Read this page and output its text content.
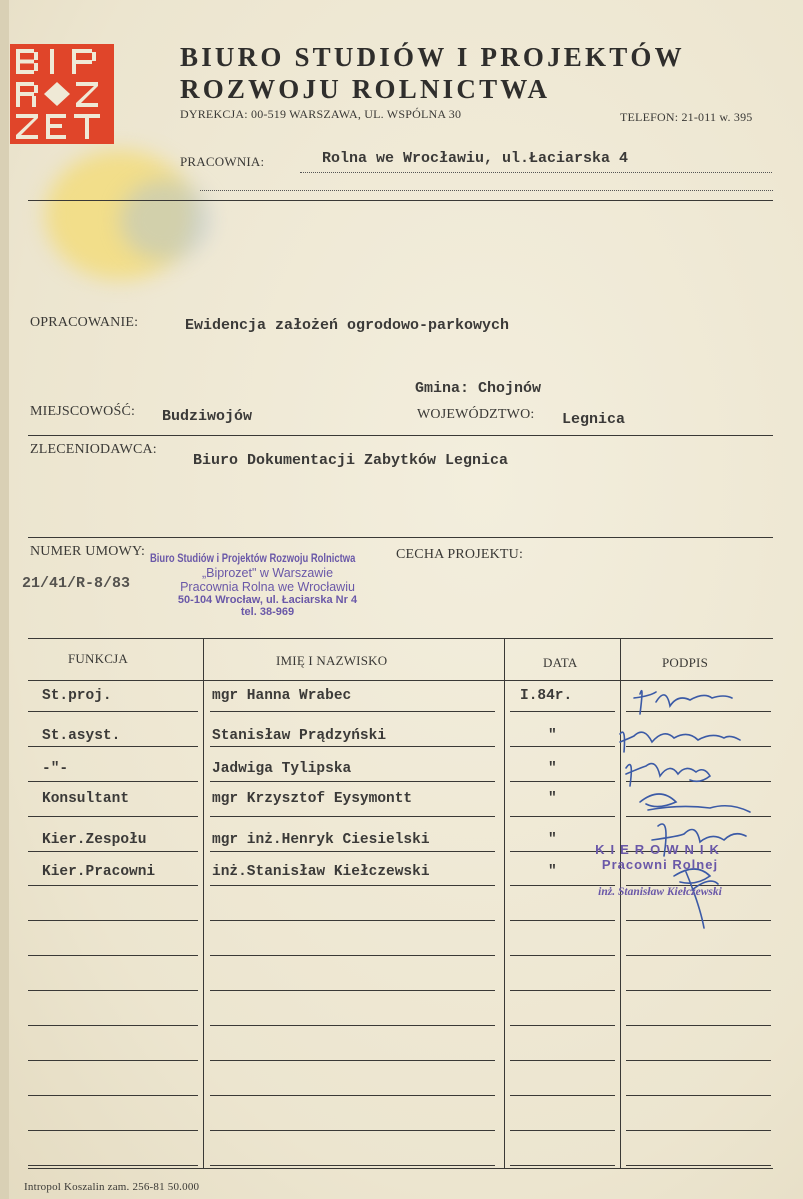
BIURO STUDIÓW I PROJEKTÓW
ROZWOJU ROLNICTWA
DYREKCJA: 00-519 WARSZAWA, UL. WSPÓLNA 30	TELEFON: 21-011 w. 395
PRACOWNIA:	Rolna we Wrocławiu, ul.Łaciarska 4
OPRACOWANIE:	Ewidencja założeń ogrodowo-parkowych
Gmina: Chojnów
MIEJSCOWOŚĆ: Budziwojów	WOJEWÓDZTWO: Legnica
ZLECENIODAWCA:
Biuro Dokumentacji Zabytków Legnica
NUMER UMOWY:
21/41/R-8/83
CECHA PROJEKTU:
Biuro Studiów i Projektów Rozwoju Rolnictwa
„Biprozet" w Warszawie
Pracownia Rolna we Wrocławiu
50-104 Wrocław, ul. Łaciarska Nr 4
tel. 38-969
FUNKCJA	IMIĘ I NAZWISKO	DATA	PODPIS
St.proj.	mgr Hanna Wrabec	I.84r.
St.asyst.	Stanisław Prądzyński	"
-"-	Jadwiga Tylipska	"
Konsultant	mgr Krzysztof Eysymontt	"
Kier.Zespołu	mgr inż.Henryk Ciesielski	"
Kier.Pracowni	inż.Stanisław Kiełczewski	"
KIEROWNIK
Pracowni Rolnej
inż. Stanisław Kiełczewski
Intropol Koszalin zam. 256-81 50.000
